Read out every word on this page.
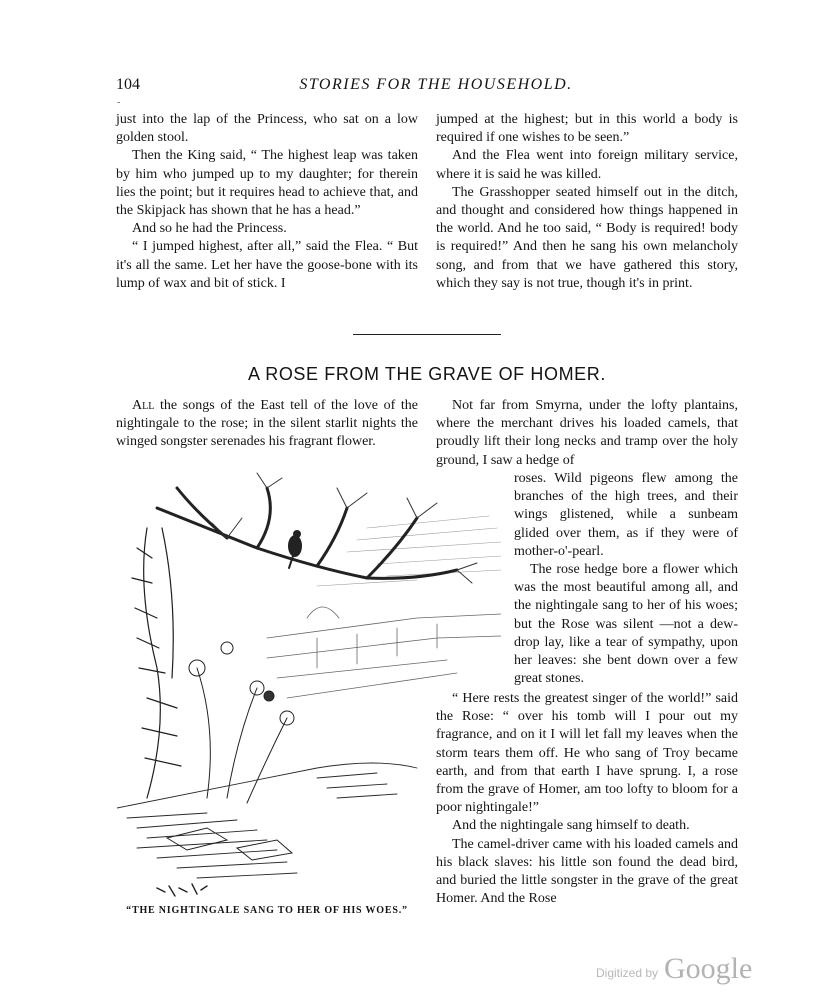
104	STORIES FOR THE HOUSEHOLD.
-

just into the lap of the Princess, who sat on a low golden stool.

Then the King said, “ The highest leap was taken by him who jumped up to my daughter; for therein lies the point; but it requires head to achieve that, and the Skipjack has shown that he has a head.”

And so he had the Princess.

“ I jumped highest, after all,” said the Flea. “ But it's all the same. Let her have the goose-bone with its lump of wax and bit of stick. I

jumped at the highest; but in this world a body is required if one wishes to be seen.”

And the Flea went into foreign military service, where it is said he was killed.

The Grasshopper seated himself out in the ditch, and thought and considered how things happened in the world. And he too said, “ Body is required! body is required!” And then he sang his own melancholy song, and from that we have gathered this story, which they say is not true, though it's in print.

A ROSE FROM THE GRAVE OF HOMER.

All the songs of the East tell of the love of the nightingale to the rose; in the silent starlit nights the winged songster serenades his fragrant flower.

Not far from Smyrna, under the lofty plantains, where the merchant drives his loaded camels, that proudly lift their long necks and tramp over the holy ground, I saw a hedge of

roses. Wild pigeons flew among the branches of the high trees, and their wings glistened, while a sunbeam glided over them, as if they were of mother-o'-pearl.

The rose hedge bore a flower which was the most beautiful among all, and the nightingale sang to her of his woes; but the Rose was silent —not a dew-drop lay, like a tear of sympathy, upon her leaves: she bent down over a few great stones.

“ Here rests the greatest singer of the world!” said the Rose: “ over his tomb will I pour out my fragrance, and on it I will let fall my leaves when the storm tears them off. He who sang of Troy became earth, and from that earth I have sprung. I, a rose from the grave of Homer, am too lofty to bloom for a poor nightingale!”

And the nightingale sang himself to death.

The camel-driver came with his loaded camels and his black slaves: his little son found the dead bird, and buried the little songster in the grave of the great Homer. And the Rose

“THE NIGHTINGALE SANG TO HER OF HIS WOES.”
Digitized by Google
